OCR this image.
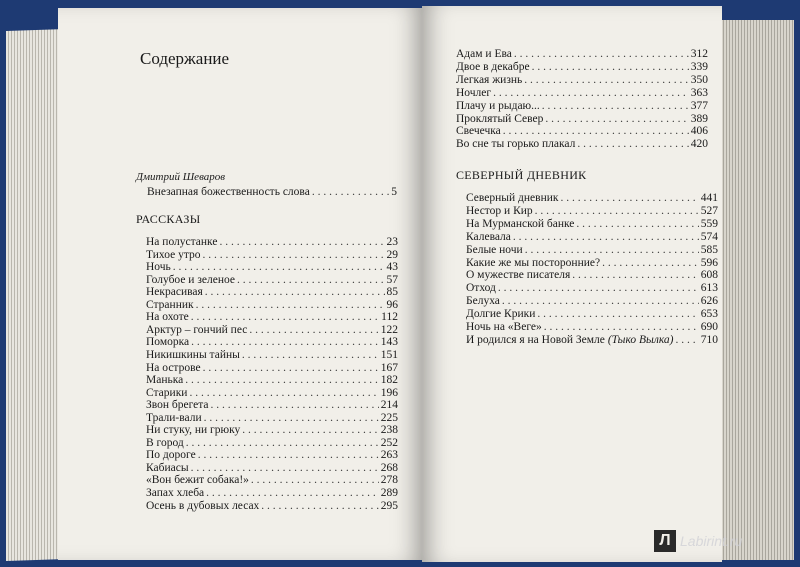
Содержание
Дмитрий Шеваров
Внезапная божественность слова . . .	5
РАССКАЗЫ
На полустанке . . .	23
Тихое утро . . .	29
Ночь . . .	43
Голубое и зеленое . . .	57
Некрасивая . . .	85
Странник . . .	96
На охоте . . .	112
Арктур – гончий пес . . .	122
Поморка . . .	143
Никишкины тайны . . .	151
На острове . . .	167
Манька . . .	182
Старики . . .	196
Звон брегета . . .	214
Трали-вали . . .	225
Ни стуку, ни грюку . . .	238
В город . . .	252
По дороге . . .	263
Кабиасы . . .	268
«Вон бежит собака!» . . .	278
Запах хлеба . . .	289
Осень в дубовых лесах . . .	295
Адам и Ева . . .	312
Двое в декабре . . .	339
Легкая жизнь . . .	350
Ночлег . . .	363
Плачу и рыдаю... . . .	377
Проклятый Север . . .	389
Свечечка . . .	406
Во сне ты горько плакал . . .	420
СЕВЕРНЫЙ ДНЕВНИК
Северный дневник . . .	441
Нестор и Кир . . .	527
На Мурманской банке . . .	559
Калевала . . .	574
Белые ночи . . .	585
Какие же мы посторонние? . . .	596
О мужестве писателя . . .	608
Отход . . .	613
Белуха . . .	626
Долгие Крики . . .	653
Ночь на «Веге» . . .	690
И родился я на Новой Земле (Тыко Вылка) . . . 710
Л Labirint.ru
